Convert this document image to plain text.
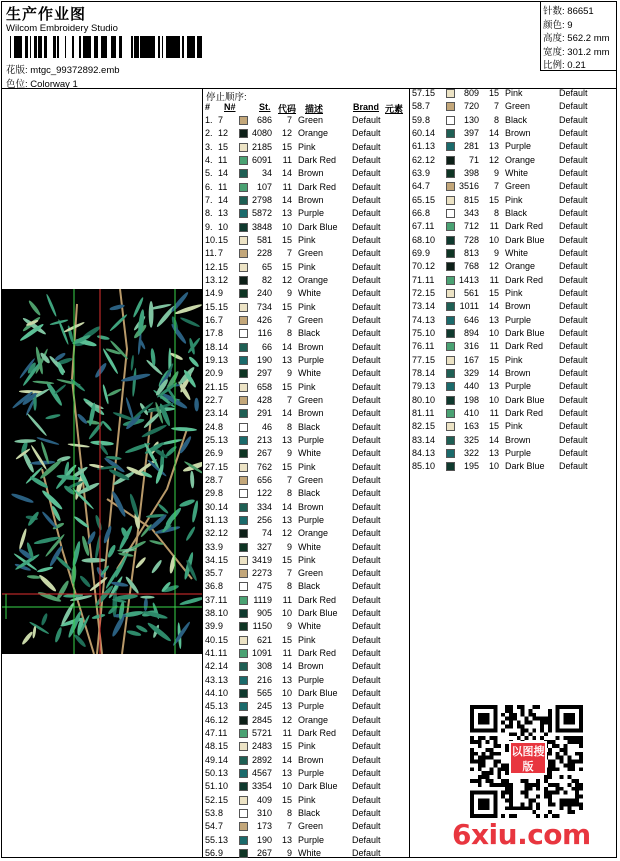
生产作业图
Wilcom Embroidery Studio
花版: mtgc_99372892.emb
色位: Colorway 1
针数: 86651
颜色: 9
高度: 562.2 mm
宽度: 301.2 mm
比例: 0.21
停止顺序:
# N#	St. 代码 描述	Brand 元素
1. 7	686	7 Green	Default
2. 12	4080	12 Orange	Default
3. 15	2185	15 Pink	Default
4. 11	6091	11 Dark Red Default
5. 14	34	14 Brown	Default
6. 11	107	11 Dark Red Default
7. 14	2798	14 Brown	Default
8. 13	5872	13 Purple	Default
9. 10	3848	10 Dark Blue Default
10. 15	581	15 Pink	Default
11. 7	228	7 Green	Default
12. 15	65	15 Pink	Default
13. 12	82	12 Orange	Default
14. 9	240	9 White	Default
15. 15	734	15 Pink	Default
16. 7	426	7 Green	Default
17. 8	116	8 Black	Default
18. 14	66	14 Brown	Default
19. 13	190	13 Purple	Default
20. 9	297	9 White	Default
21. 15	658	15 Pink	Default
22. 7	428	7 Green	Default
23. 14	291	14 Brown	Default
24. 8	46	8 Black	Default
25. 13	213	13 Purple	Default
26. 9	267	9 White	Default
27. 15	762	15 Pink	Default
28. 7	656	7 Green	Default
29. 8	122	8 Black	Default
30. 14	334	14 Brown	Default
31. 13	256	13 Purple	Default
32. 12	74	12 Orange	Default
33. 9	327	9 White	Default
34. 15	3419	15 Pink	Default
35. 7	2273	7 Green	Default
36. 8	475	8 Black	Default
37. 11	1119	11 Dark Red Default
38. 10	905	10 Dark Blue Default
39. 9	1150	9 White	Default
40. 15	621	15 Pink	Default
41. 11	1091	11 Dark Red Default
42. 14	308	14 Brown	Default
43. 13	216	13 Purple	Default
44. 10	565	10 Dark Blue Default
45. 13	245	13 Purple	Default
46. 12	2845	12 Orange	Default
47. 11	5721	11 Dark Red Default
48. 15	2483	15 Pink	Default
49. 14	2892	14 Brown	Default
50. 13	4567	13 Purple	Default
51. 10	3354	10 Dark Blue Default
52. 15	409	15 Pink	Default
53. 8	310	8 Black	Default
54. 7	173	7 Green	Default
55. 13	190	13 Purple	Default
56. 9	267	9 White	Default
57. 15	809	15 Pink	Default
58. 7	720	7 Green	Default
59. 8	130	8 Black	Default
60. 14	397	14 Brown	Default
61. 13	281	13 Purple	Default
62. 12	71	12 Orange	Default
63. 9	398	9 White	Default
64. 7	3516	7 Green	Default
65. 15	815	15 Pink	Default
66. 8	343	8 Black	Default
67. 11	712	11 Dark Red Default
68. 10	728	10 Dark Blue Default
69. 9	813	9 White	Default
70. 12	768	12 Orange	Default
71. 11	1413	11 Dark Red Default
72. 15	561	15 Pink	Default
73. 14	1011	14 Brown	Default
74. 13	646	13 Purple	Default
75. 10	894	10 Dark Blue Default
76. 11	316	11 Dark Red Default
77. 15	167	15 Pink	Default
78. 14	329	14 Brown	Default
79. 13	440	13 Purple	Default
80. 10	198	10 Dark Blue Default
81. 11	410	11 Dark Red Default
82. 15	163	15 Pink	Default
83. 14	325	14 Brown	Default
84. 13	322	13 Purple	Default
85. 10	195	10 Dark Blue Default
以图搜版
6xiu.com
